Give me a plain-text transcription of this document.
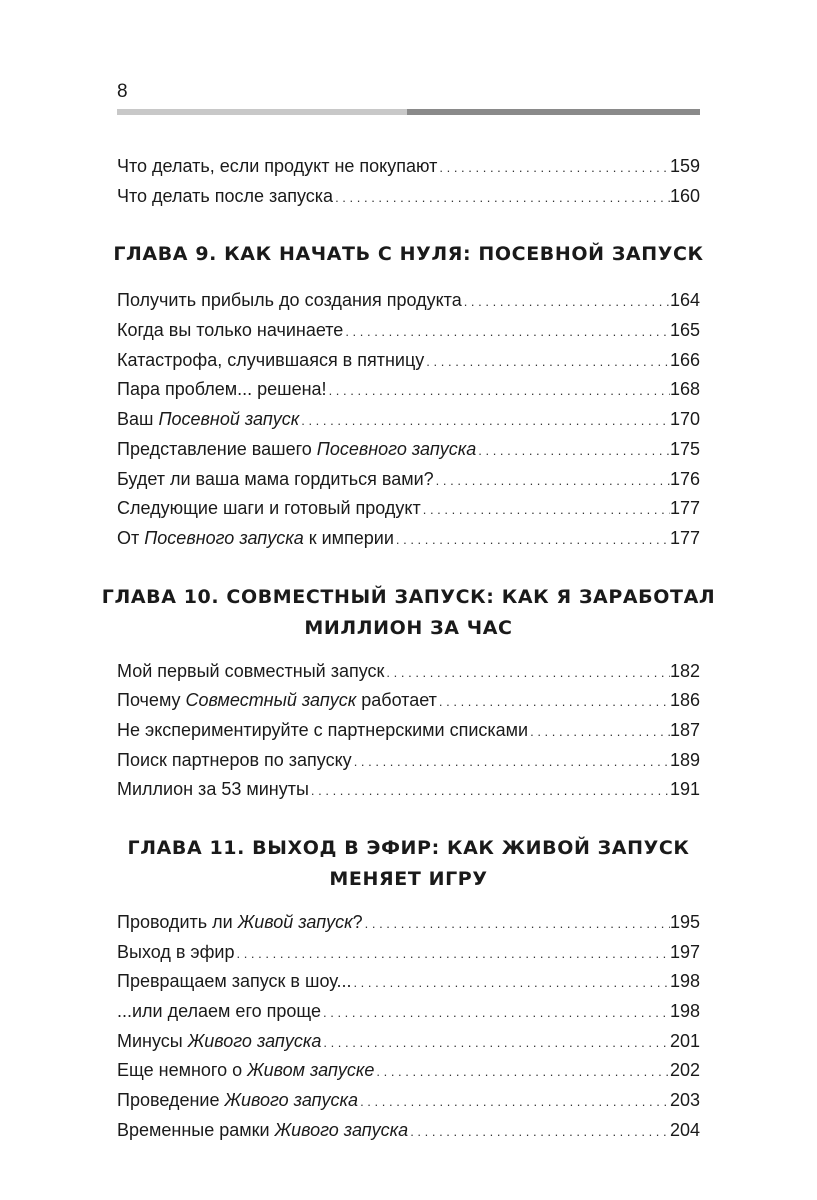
8
Что делать, если продукт не покупают . . .	159
Что делать после запуска . . .	160
ГЛАВА 9. КАК НАЧАТЬ С НУЛЯ: ПОСЕВНОЙ ЗАПУСК
Получить прибыль до создания продукта . . .	164
Когда вы только начинаете . . .	165
Катастрофа, случившаяся в пятницу . . .	166
Пара проблем... решена! . . .	168
Ваш Посевной запуск . . .	170
Представление вашего Посевного запуска . . .	175
Будет ли ваша мама гордиться вами? . . .	176
Следующие шаги и готовый продукт . . .	177
От Посевного запуска к империи . . .	177
ГЛАВА 10. СОВМЕСТНЫЙ ЗАПУСК: КАК Я ЗАРАБОТАЛ
МИЛЛИОН ЗА ЧАС
Мой первый совместный запуск . . .	182
Почему Совместный запуск работает . . .	186
Не экспериментируйте с партнерскими списками . . .	187
Поиск партнеров по запуску . . .	189
Миллион за 53 минуты . . .	191
ГЛАВА 11. ВЫХОД В ЭФИР: КАК ЖИВОЙ ЗАПУСК
МЕНЯЕТ ИГРУ
Проводить ли Живой запуск? . . .	195
Выход в эфир . . .	197
Превращаем запуск в шоу... . . .	198
...или делаем его проще . . .	198
Минусы Живого запуска . . .	201
Еще немного о Живом запуске . . .	202
Проведение Живого запуска . . .	203
Временные рамки Живого запуска . . .	204
